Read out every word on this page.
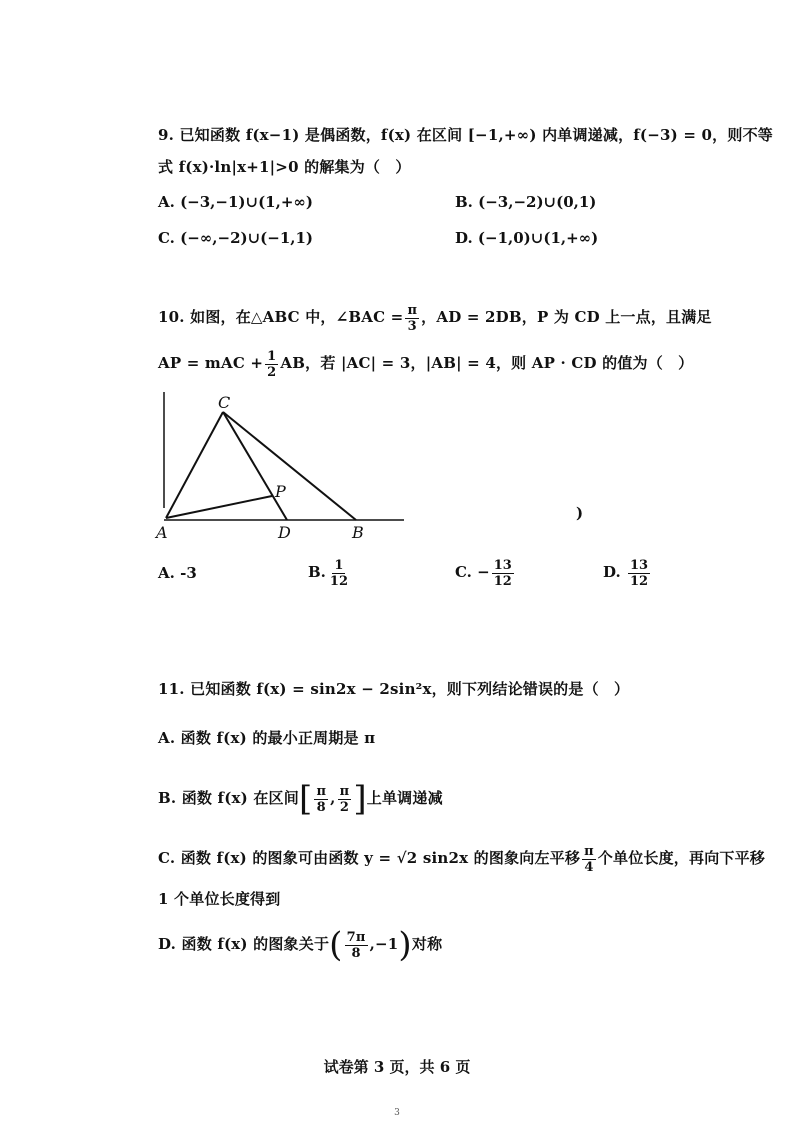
9. 已知函数 f(x−1) 是偶函数，f(x) 在区间 [−1,+∞) 内单调递减，f(−3) = 0，则不等
式 f(x)·ln|x+1|>0 的解集为（　）
A. (−3,−1)∪(1,+∞)	B. (−3,−2)∪(0,1)
C. (−∞,−2)∪(−1,1)	D. (−1,0)∪(1,+∞)
10. 如图，在△ABC 中，∠BAC = $\frac{\pi}{3}$ ，AD = 2DB，P 为 CD 上一点，且满足
AP = mAC + $\frac{1}{2}$ AB，若 |AC| = 3，|AB| = 4，则 AP · CD 的值为（　）
C
P
A	D	B
)
A. -3	B. $\frac{1}{12}$	C. − $\frac{13}{12}$	D. $\frac{13}{12}$
11. 已知函数 f(x) = sin2x − 2sin²x，则下列结论错误的是（　）
A. 函数 f(x) 的最小正周期是 π
B. 函数 f(x) 在区间[ $\frac{\pi}{8}$ , $\frac{\pi}{2}$ ]上单调递减
C. 函数 f(x) 的图象可由函数 y = √2 sin2x 的图象向左平移 $\frac{\pi}{4}$ 个单位长度，再向下平移
1 个单位长度得到
D. 函数 f(x) 的图象关于( $\frac{7\pi}{8} ,-1$)对称
试卷第 3 页，共 6 页
3
